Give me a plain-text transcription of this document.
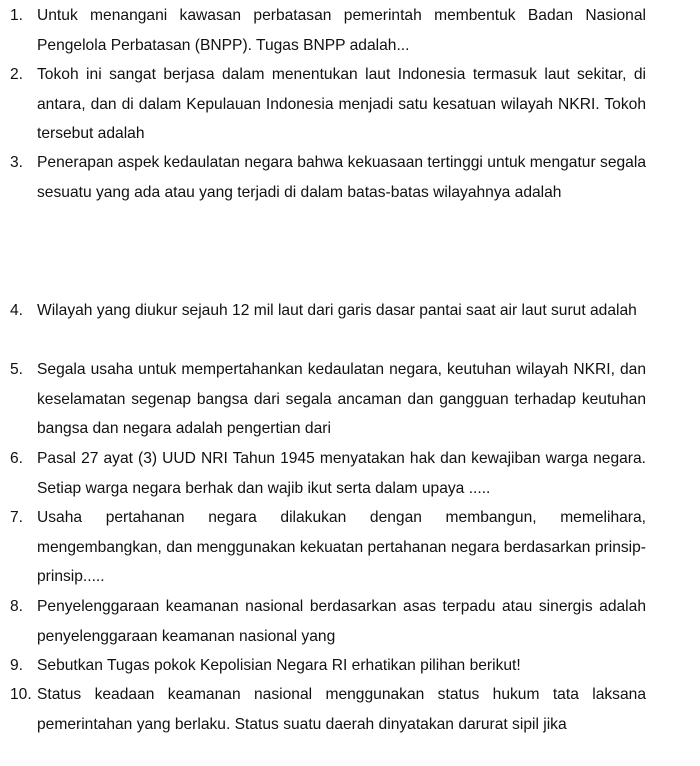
1. Untuk menangani kawasan perbatasan pemerintah membentuk Badan Nasional Pengelola Perbatasan (BNPP). Tugas BNPP adalah...

2. Tokoh ini sangat berjasa dalam menentukan laut Indonesia termasuk laut sekitar, di antara, dan di dalam Kepulauan Indonesia menjadi satu kesatuan wilayah NKRI. Tokoh tersebut adalah

3. Penerapan aspek kedaulatan negara bahwa kekuasaan tertinggi untuk mengatur segala sesuatu yang ada atau yang terjadi di dalam batas-batas wilayahnya adalah

4. Wilayah yang diukur sejauh 12 mil laut dari garis dasar pantai saat air laut surut adalah

5. Segala usaha untuk mempertahankan kedaulatan negara, keutuhan wilayah NKRI, dan keselamatan segenap bangsa dari segala ancaman dan gangguan terhadap keutuhan bangsa dan negara adalah pengertian dari

6. Pasal 27 ayat (3) UUD NRI Tahun 1945 menyatakan hak dan kewajiban warga negara. Setiap warga negara berhak dan wajib ikut serta dalam upaya .....

7. Usaha pertahanan negara dilakukan dengan membangun, memelihara, mengembangkan, dan menggunakan kekuatan pertahanan negara berdasarkan prinsip-prinsip.....

8. Penyelenggaraan keamanan nasional berdasarkan asas terpadu atau sinergis adalah penyelenggaraan keamanan nasional yang

9. Sebutkan Tugas pokok Kepolisian Negara RI erhatikan pilihan berikut!

10. Status keadaan keamanan nasional menggunakan status hukum tata laksana pemerintahan yang berlaku. Status suatu daerah dinyatakan darurat sipil jika
